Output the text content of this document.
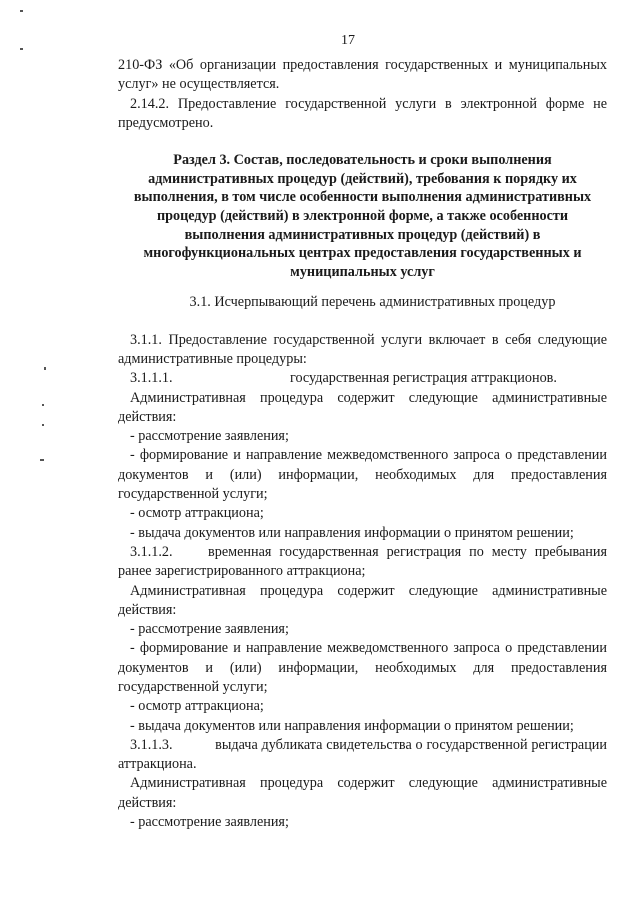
17

210-ФЗ «Об организации предоставления государственных и муниципальных услуг» не осуществляется.

2.14.2. Предоставление государственной услуги в электронной форме не предусмотрено.

Раздел 3. Состав, последовательность и сроки выполнения административных процедур (действий), требования к порядку их выполнения, в том числе особенности выполнения административных процедур (действий) в электронной форме, а также особенности выполнения административных процедур (действий) в многофункциональных центрах предоставления государственных и муниципальных услуг

3.1. Исчерпывающий перечень административных процедур

3.1.1. Предоставление государственной услуги включает в себя следующие административные процедуры:

3.1.1.1.	государственная регистрация аттракционов.

Административная процедура содержит следующие административные действия:

- рассмотрение заявления;

- формирование и направление межведомственного запроса о представлении документов и (или) информации, необходимых для предоставления государственной услуги;

- осмотр аттракциона;

- выдача документов или направления информации о принятом решении;

3.1.1.2.    временная государственная регистрация по месту пребывания ранее зарегистрированного аттракциона;

Административная процедура содержит следующие административные действия:

- рассмотрение заявления;

- формирование и направление межведомственного запроса о представлении документов и (или) информации, необходимых для предоставления государственной услуги;

- осмотр аттракциона;

- выдача документов или направления информации о принятом решении;

3.1.1.3.   	выдача дубликата свидетельства о государственной регистрации аттракциона.

Административная процедура содержит следующие административные действия:

- рассмотрение заявления;
